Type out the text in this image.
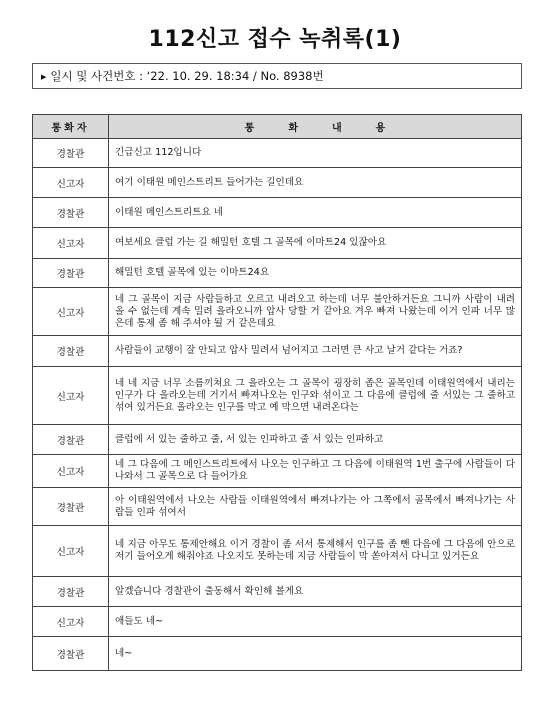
112신고 접수 녹취록(1)
▶ 일시 및 사건번호 : ‘22. 10. 29. 18:34 / No. 8938번
통화자	통화내용
경찰관	긴급신고 112입니다
신고자	여기 이태원 메인스트리트 들어가는 길인데요
경찰관	이태원 메인스트리트요 네
신고자	여보세요 클럽 가는 길 해밀턴 호텔 그 골목에 이마트24 있잖아요
경찰관	해밀턴 호텔 골목에 있는 이마트24요
신고자	네 그 골목이 지금 사람들하고 오르고 내려오고 하는데 너무 불안하거든요 그니까 사람이 내려 올 수 없는데 계속 밀려 올라오니까 압사 당할 거 같아요 겨우 빠져 나왔는데 이거 인파 너무 많은데 통제 좀 해 주셔야 될 거 같은데요
경찰관	사람들이 교행이 잘 안되고 압사 밀려서 넘어지고 그러면 큰 사고 날거 같다는 거죠?
신고자	네 네 지금 너무 소름끼쳐요 그 올라오는 그 골목이 굉장히 좁은 골목인데 이태원역에서 내리는 인구가 다 올라오는데 거기서 빠져나오는 인구와 섞이고 그 다음에 클럽에 줄 서있는 그 줄하고 섞여 있거든요 올라오는 인구를 막고 예 막으면 내려온다는
경찰관	클럽에 서 있는 줄하고 줄, 서 있는 인파하고 줄 서 있는 인파하고
신고자	네 그 다음에 그 메인스트리트에서 나오는 인구하고 그 다음에 이태원역 1번 출구에 사람들이 다 나와서 그 골목으로 다 들어가요
경찰관	아 이태원역에서 나오는 사람들 이태원역에서 빠져나가는 아 그쪽에서 골목에서 빠져나가는 사람들 인파 섞여서
신고자	네 지금 아무도 통제안해요 이거 경찰이 좀 서서 통제해서 인구를 좀 뺀 다음에 그 다음에 안으로 저기 들어오게 해줘야죠 나오지도 못하는데 지금 사람들이 막 쏟아져서 다니고 있거든요
경찰관	알겠습니다 경찰관이 출동해서 확인해 볼게요
신고자	애들도 네~
경찰관	네~
